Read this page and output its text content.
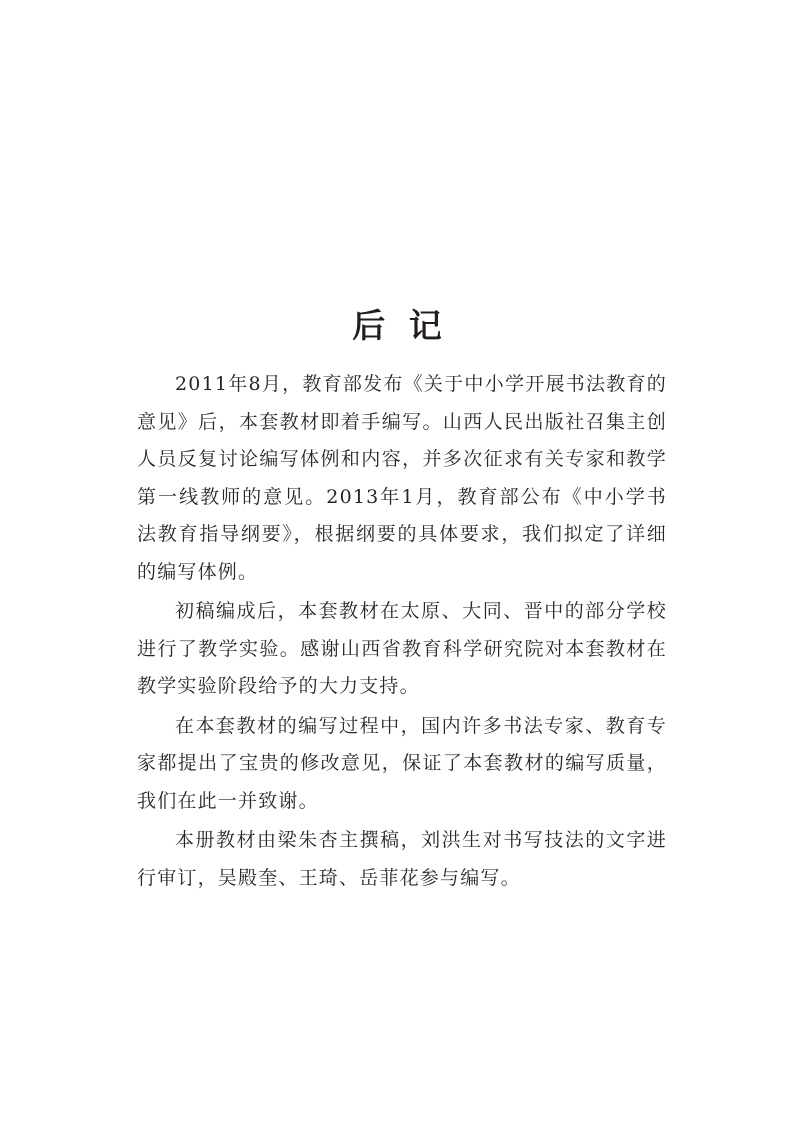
后 记

2011年8月，教育部发布《关于中小学开展书法教育的意见》后，本套教材即着手编写。山西人民出版社召集主创人员反复讨论编写体例和内容，并多次征求有关专家和教学第一线教师的意见。2013年1月，教育部公布《中小学书法教育指导纲要》，根据纲要的具体要求，我们拟定了详细的编写体例。

初稿编成后，本套教材在太原、大同、晋中的部分学校进行了教学实验。感谢山西省教育科学研究院对本套教材在教学实验阶段给予的大力支持。

在本套教材的编写过程中，国内许多书法专家、教育专家都提出了宝贵的修改意见，保证了本套教材的编写质量，我们在此一并致谢。

本册教材由梁朱杏主撰稿，刘洪生对书写技法的文字进行审订，吴殿奎、王琦、岳菲花参与编写。
